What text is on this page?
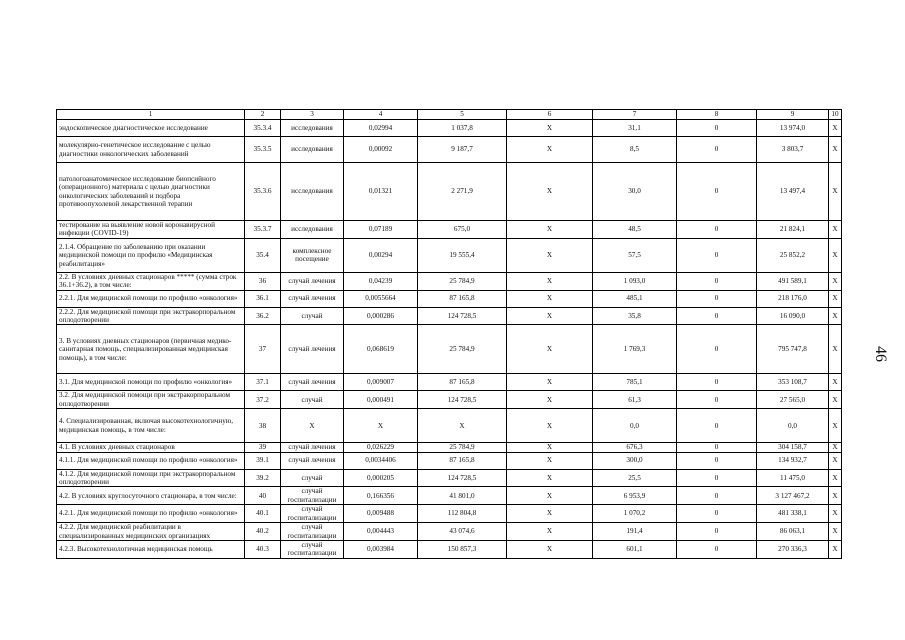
46
1	2	3	4	5	6	7	8	9	10
эндоскопическое диагностическое исследование	35.3.4	исследования	0,02994	1 037,8	X	31,1	0	13 974,0	X
молекулярно-генетическое исследование с целью диагностики онкологических заболеваний	35.3.5	исследования	0,00092	9 187,7	X	8,5	0	3 803,7	X
патологоанатомическое исследование биопсийного (операционного) материала с целью диагностики онкологических заболеваний и подбора противоопухолевой лекарственной терапии	35.3.6	исследования	0,01321	2 271,9	X	30,0	0	13 497,4	X
тестирование на выявление новой коронавирусной инфекции (COVID-19)	35.3.7	исследования	0,07189	675,0	X	48,5	0	21 824,1	X
2.1.4. Обращение по заболеванию при оказании медицинской помощи по профилю «Медицинская реабилитация»	35.4	комплексное посещение	0,00294	19 555,4	X	57,5	0	25 852,2	X
2.2. В условиях дневных стационаров ***** (сумма строк 36.1+36.2), в том числе:	36	случай лечения	0,04239	25 784,9	X	1 093,0	0	491 589,1	X
2.2.1. Для медицинской помощи по профилю «онкология»	36.1	случай лечения	0,0055664	87 165,8	X	485,1	0	218 176,0	X
2.2.2. Для медицинской помощи при экстракорпоральном оплодотворении	36.2	случай	0,000286	124 728,5	X	35,8	0	16 090,0	X
3. В условиях дневных стационаров (первичная медико-санитарная помощь, специализированная медицинская помощь), в том числе:	37	случай лечения	0,068619	25 784,9	X	1 769,3	0	795 747,8	X
3.1. Для медицинской помощи по профилю «онкология»	37.1	случай лечения	0,009007	87 165,8	X	785,1	0	353 108,7	X
3.2. Для медицинской помощи при экстракорпоральном оплодотворении	37.2	случай	0,000491	124 728,5	X	61,3	0	27 565,0	X
4. Специализированная, включая высокотехнологичную, медицинская помощь, в том числе:	38	X	X	X	X	0,0	0	0,0	X
4.1. В условиях дневных стационаров	39	случай лечения	0,026229	25 784,9	X	676,3	0	304 158,7	X
4.1.1. Для медицинской помощи по профилю «онкология»	39.1	случай лечения	0,0034406	87 165,8	X	300,0	0	134 932,7	X
4.1.2. Для медицинской помощи при экстракорпоральном оплодотворении	39.2	случай	0,000205	124 728,5	X	25,5	0	11 475,0	X
4.2. В условиях круглосуточного стационара, в том числе:	40	случай госпитализации	0,166356	41 801,0	X	6 953,9	0	3 127 467,2	X
4.2.1. Для медицинской помощи по профилю «онкология»	40.1	случай госпитализации	0,009488	112 804,8	X	1 070,2	0	481 338,1	X
4.2.2. Для медицинской реабилитации в специализированных медицинских организациях	40.2	случай госпитализации	0,004443	43 074,6	X	191,4	0	86 063,1	X
4.2.3. Высокотехнологичная медицинская помощь	40.3	случай госпитализации	0,003984	150 857,3	X	601,1	0	270 336,3	X
